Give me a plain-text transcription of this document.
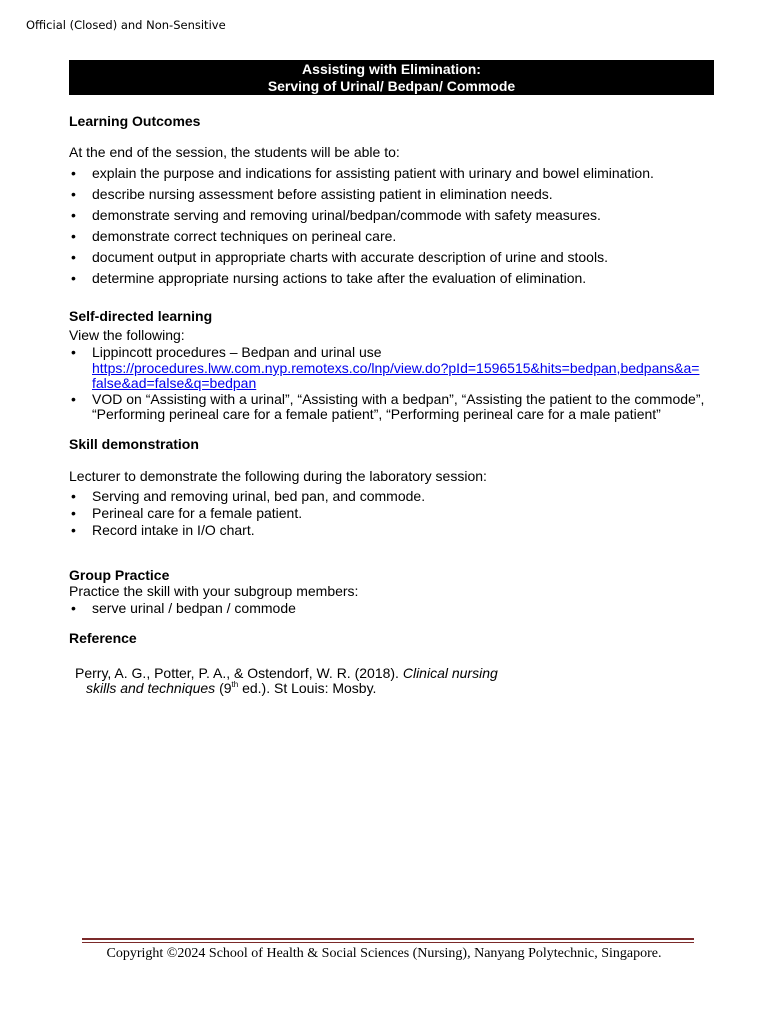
Official (Closed) and Non-Sensitive
Assisting with Elimination:
Serving of Urinal/ Bedpan/ Commode
Learning Outcomes
At the end of the session, the students will be able to:
• explain the purpose and indications for assisting patient with urinary and bowel elimination.
• describe nursing assessment before assisting patient in elimination needs.
• demonstrate serving and removing urinal/bedpan/commode with safety measures.
• demonstrate correct techniques on perineal care.
• document output in appropriate charts with accurate description of urine and stools.
• determine appropriate nursing actions to take after the evaluation of elimination.
Self-directed learning
View the following:
• Lippincott procedures – Bedpan and urinal use
https://procedures.lww.com.nyp.remotexs.co/lnp/view.do?pId=1596515&hits=bedpan,bedpans&a=
false&ad=false&q=bedpan
• VOD on “Assisting with a urinal”, “Assisting with a bedpan”, “Assisting the patient to the commode”,
“Performing perineal care for a female patient”, “Performing perineal care for a male patient”
Skill demonstration
Lecturer to demonstrate the following during the laboratory session:
• Serving and removing urinal, bed pan, and commode.
• Perineal care for a female patient.
• Record intake in I/O chart.
Group Practice
Practice the skill with your subgroup members:
• serve urinal / bedpan / commode
Reference
Perry, A. G., Potter, P. A., & Ostendorf, W. R. (2018). Clinical nursing
skills and techniques (9th ed.). St Louis: Mosby.
Copyright ©2024 School of Health & Social Sciences (Nursing), Nanyang Polytechnic, Singapore.
